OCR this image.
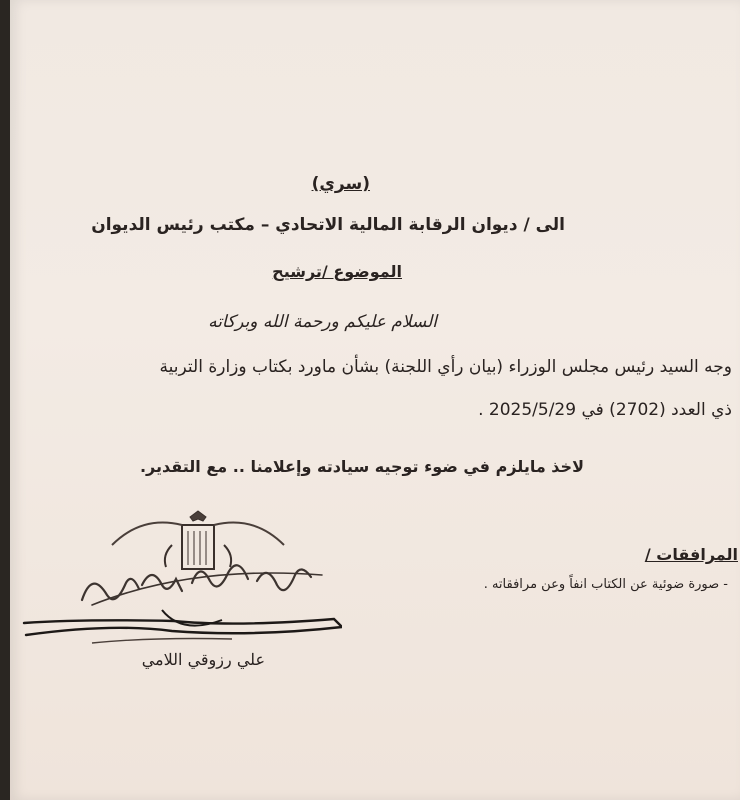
(سري)
الى / ديوان الرقابة المالية الاتحادي – مكتب رئيس الديوان
الموضوع /ترشيح
السلام عليكم ورحمة الله وبركاته
وجه السيد رئيس مجلس الوزراء (بيان رأي اللجنة) بشأن ماورد بكتاب وزارة التربية
ذي العدد (2702) في 2025/5/29 .
لاخذ مايلزم في ضوء توجيه سيادته وإعلامنا .. مع التقدير.
المرافقات /
- صورة ضوئية عن الكتاب انفاً وعن مرافقاته .
علي رزوقي اللامي
